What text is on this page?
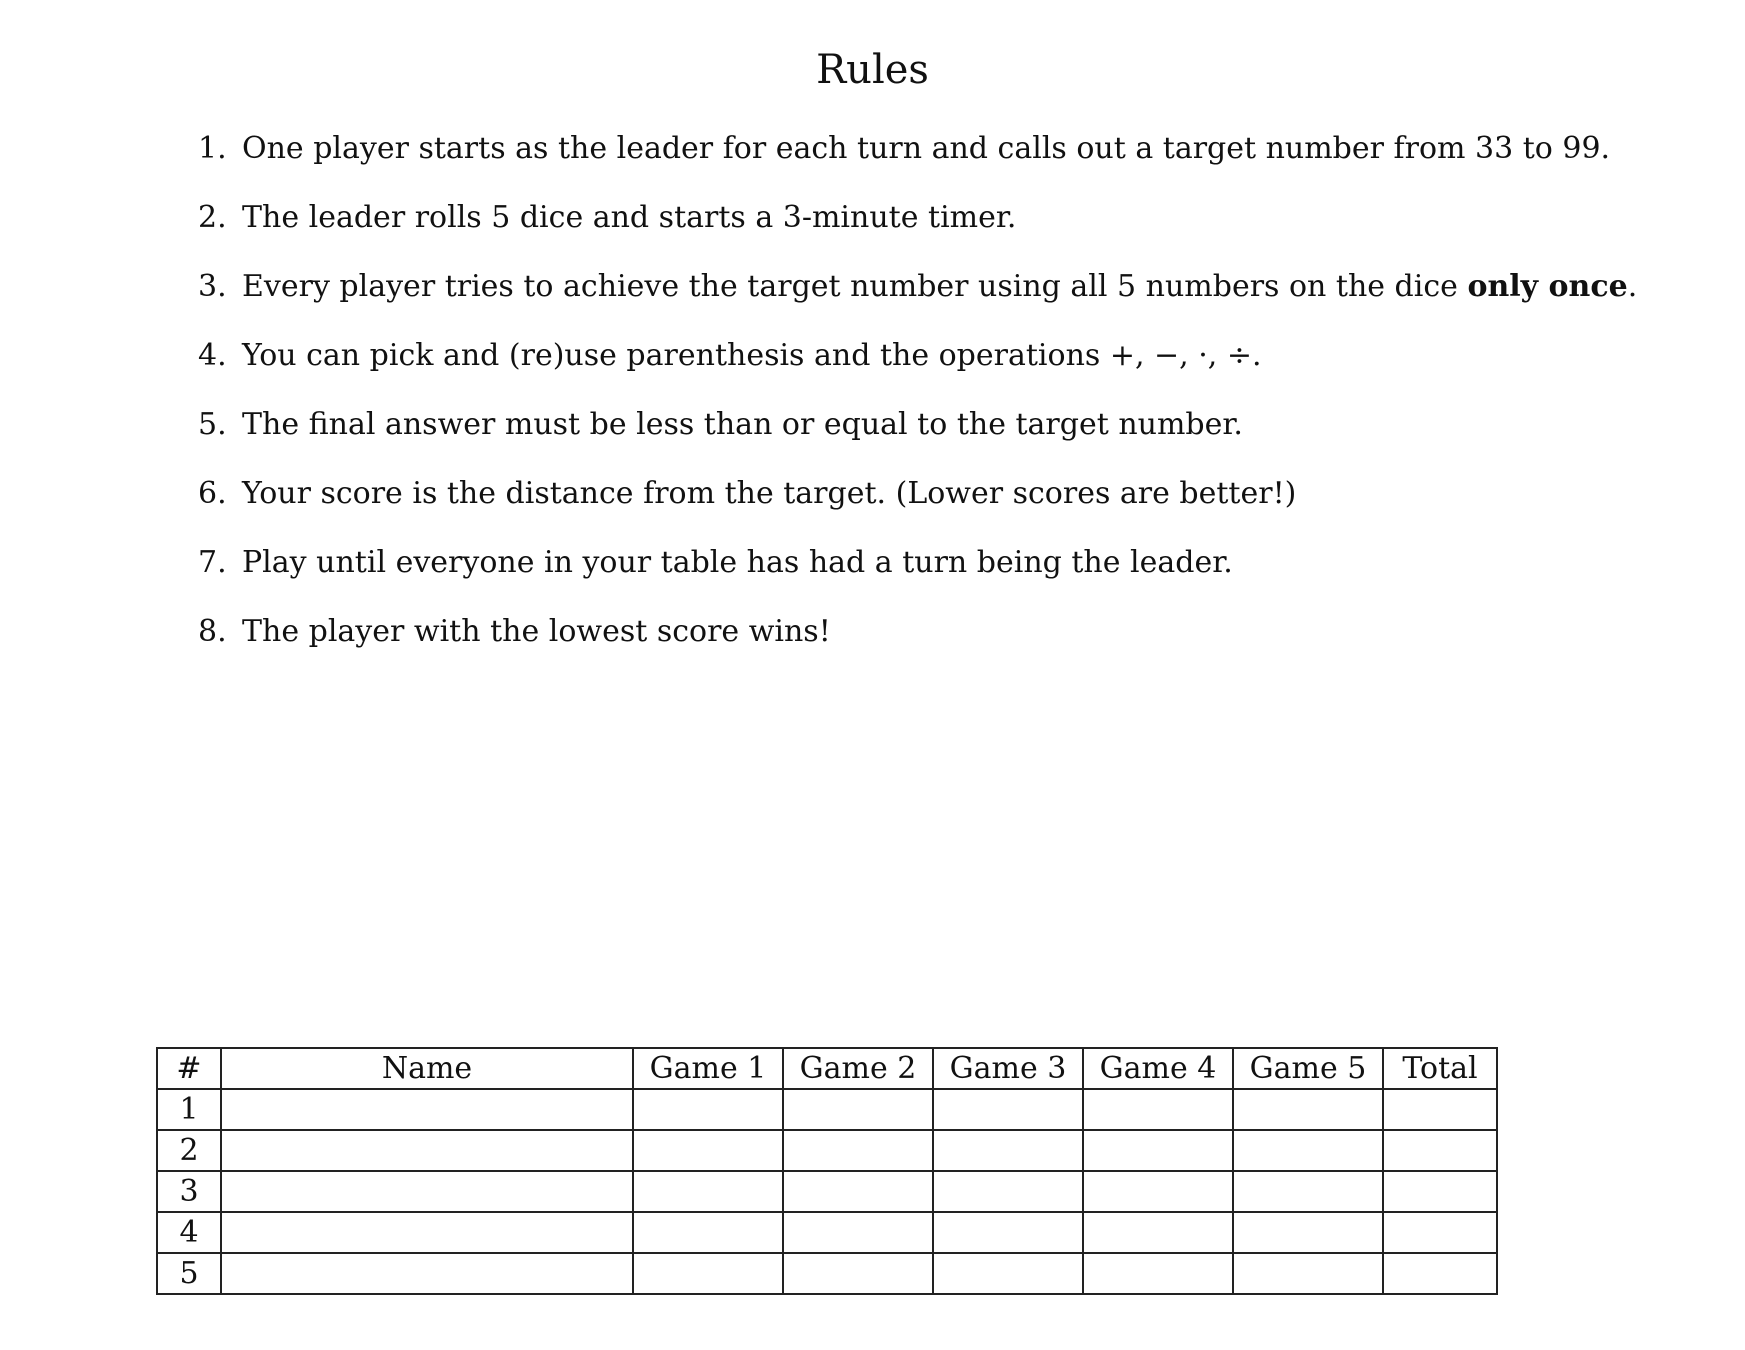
Rules
1. One player starts as the leader for each turn and calls out a target number from 33 to 99.
2. The leader rolls 5 dice and starts a 3-minute timer.
3. Every player tries to achieve the target number using all 5 numbers on the dice only once.
4. You can pick and (re)use parenthesis and the operations +, −, ·, ÷.
5. The final answer must be less than or equal to the target number.
6. Your score is the distance from the target. (Lower scores are better!)
7. Play until everyone in your table has had a turn being the leader.
8. The player with the lowest score wins!
#	Name	Game 1	Game 2	Game 3	Game 4	Game 5	Total
1							
2							
3							
4							
5							
